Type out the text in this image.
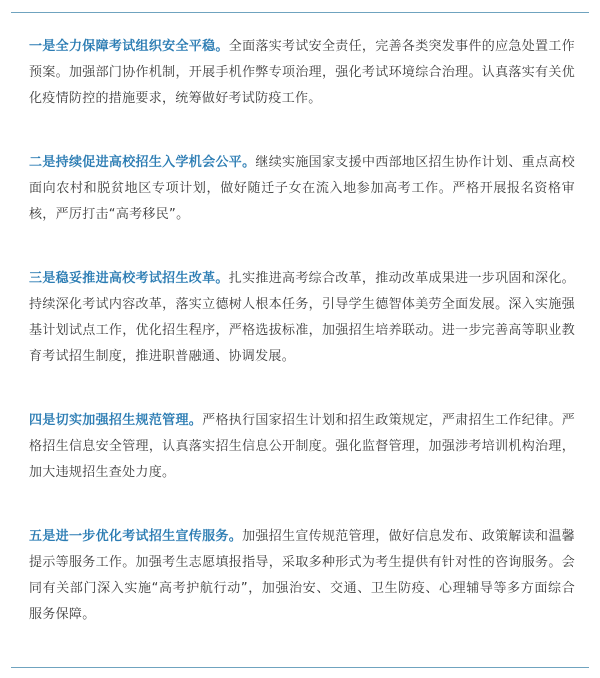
一是全力保障考试组织安全平稳。全面落实考试安全责任，完善各类突发事件的应急处置工作预案。加强部门协作机制，开展手机作弊专项治理，强化考试环境综合治理。认真落实有关优化疫情防控的措施要求，统筹做好考试防疫工作。

二是持续促进高校招生入学机会公平。继续实施国家支援中西部地区招生协作计划、重点高校面向农村和脱贫地区专项计划，做好随迁子女在流入地参加高考工作。严格开展报名资格审核，严厉打击“高考移民”。

三是稳妥推进高校考试招生改革。扎实推进高考综合改革，推动改革成果进一步巩固和深化。持续深化考试内容改革，落实立德树人根本任务，引导学生德智体美劳全面发展。深入实施强基计划试点工作，优化招生程序，严格选拔标准，加强招生培养联动。进一步完善高等职业教育考试招生制度，推进职普融通、协调发展。

四是切实加强招生规范管理。严格执行国家招生计划和招生政策规定，严肃招生工作纪律。严格招生信息安全管理，认真落实招生信息公开制度。强化监督管理，加强涉考培训机构治理，加大违规招生查处力度。

五是进一步优化考试招生宣传服务。加强招生宣传规范管理，做好信息发布、政策解读和温馨提示等服务工作。加强考生志愿填报指导，采取多种形式为考生提供有针对性的咨询服务。会同有关部门深入实施“高考护航行动”，加强治安、交通、卫生防疫、心理辅导等多方面综合服务保障。
